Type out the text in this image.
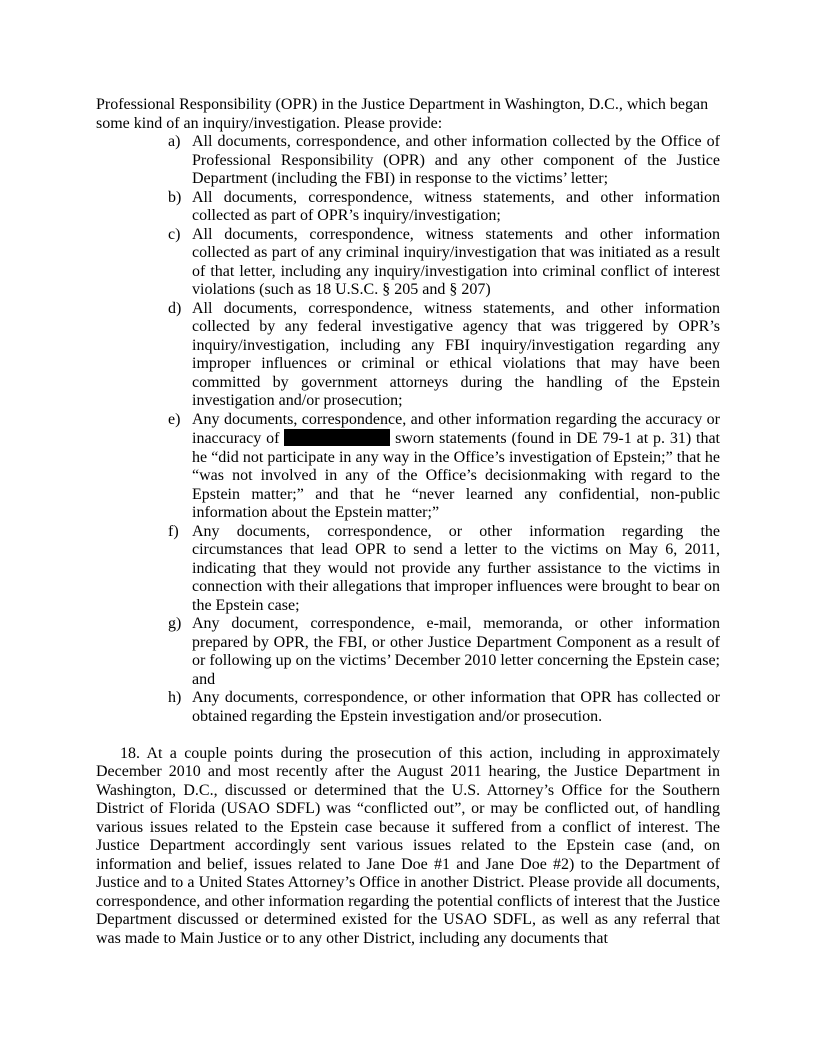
Professional Responsibility (OPR) in the Justice Department in Washington, D.C., which began some kind of an inquiry/investigation. Please provide:

a) All documents, correspondence, and other information collected by the Office of Professional Responsibility (OPR) and any other component of the Justice Department (including the FBI) in response to the victims’ letter;
b) All documents, correspondence, witness statements, and other information collected as part of OPR’s inquiry/investigation;
c) All documents, correspondence, witness statements and other information collected as part of any criminal inquiry/investigation that was initiated as a result of that letter, including any inquiry/investigation into criminal conflict of interest violations (such as 18 U.S.C. § 205 and § 207)
d) All documents, correspondence, witness statements, and other information collected by any federal investigative agency that was triggered by OPR’s inquiry/investigation, including any FBI inquiry/investigation regarding any improper influences or criminal or ethical violations that may have been committed by government attorneys during the handling of the Epstein investigation and/or prosecution;
e) Any documents, correspondence, and other information regarding the accuracy or inaccuracy of	sworn statements (found in DE 79-1 at p. 31) that he “did not participate in any way in the Office’s investigation of Epstein;” that he “was not involved in any of the Office’s decisionmaking with regard to the Epstein matter;” and that he “never learned any confidential, non-public information about the Epstein matter;”
f) Any documents, correspondence, or other information regarding the circumstances that lead OPR to send a letter to the victims on May 6, 2011, indicating that they would not provide any further assistance to the victims in connection with their allegations that improper influences were brought to bear on the Epstein case;
g) Any document, correspondence, e-mail, memoranda, or other information prepared by OPR, the FBI, or other Justice Department Component as a result of or following up on the victims’ December 2010 letter concerning the Epstein case; and
h) Any documents, correspondence, or other information that OPR has collected or obtained regarding the Epstein investigation and/or prosecution.

18. At a couple points during the prosecution of this action, including in approximately December 2010 and most recently after the August 2011 hearing, the Justice Department in Washington, D.C., discussed or determined that the U.S. Attorney’s Office for the Southern District of Florida (USAO SDFL) was “conflicted out”, or may be conflicted out, of handling various issues related to the Epstein case because it suffered from a conflict of interest. The Justice Department accordingly sent various issues related to the Epstein case (and, on information and belief, issues related to Jane Doe #1 and Jane Doe #2) to the Department of Justice and to a United States Attorney’s Office in another District. Please provide all documents, correspondence, and other information regarding the potential conflicts of interest that the Justice Department discussed or determined existed for the USAO SDFL, as well as any referral that was made to Main Justice or to any other District, including any documents that
